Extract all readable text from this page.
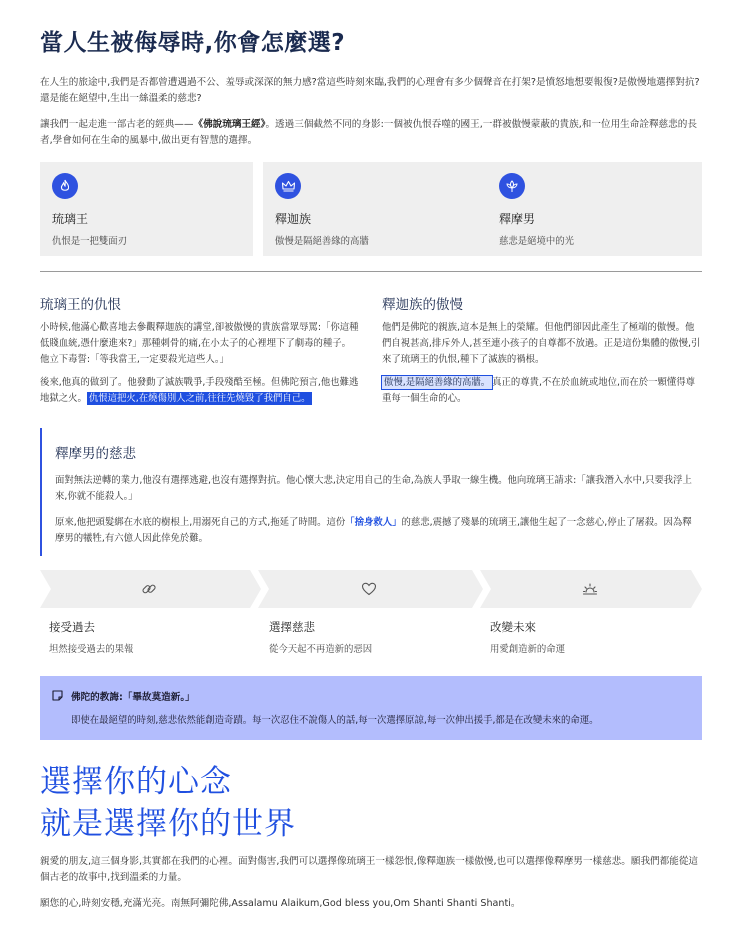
當人生被侮辱時,你會怎麼選?

在人生的旅途中,我們是否都曾遭遇過不公、羞辱或深深的無力感?當這些時刻來臨,我們的心理會有多少個聲音在打架?是憤怒地想要報復?是傲慢地選擇對抗?還是能在絕望中,生出一絲溫柔的慈悲?

讓我們一起走進一部古老的經典——《佛說琉璃王經》。透過三個截然不同的身影:一個被仇恨吞噬的國王,一群被傲慢蒙蔽的貴族,和一位用生命詮釋慈悲的長者,學會如何在生命的風暴中,做出更有智慧的選擇。

琉璃王
仇恨是一把雙面刃
釋迦族
傲慢是隔絕善緣的高牆
釋摩男
慈悲是絕境中的光
琉璃王的仇恨

小時候,他滿心歡喜地去參觀釋迦族的講堂,卻被傲慢的貴族當眾辱罵:「你這種低賤血統,憑什麼進來?」那種刺骨的痛,在小太子的心裡埋下了劇毒的種子。他立下毒誓:「等我當王,一定要殺光這些人。」

後來,他真的做到了。他發動了滅族戰爭,手段殘酷至極。但佛陀預言,他也難逃地獄之火。 仇恨這把火,在燒傷別人之前,往往先燒毀了我們自己。

釋迦族的傲慢

他們是佛陀的親族,這本是無上的榮耀。但他們卻因此產生了極端的傲慢。他們自視甚高,排斥外人,甚至連小孩子的自尊都不放過。正是這份集體的傲慢,引來了琉璃王的仇恨,種下了滅族的禍根。

傲慢,是隔絕善緣的高牆。 真正的尊貴,不在於血統或地位,而在於一顆懂得尊重每一個生命的心。

釋摩男的慈悲

面對無法逆轉的業力,他沒有選擇逃避,也沒有選擇對抗。他心懷大悲,決定用自己的生命,為族人爭取一線生機。他向琉璃王請求:「讓我潛入水中,只要我浮上來,你就不能殺人。」

原來,他把頭髮綁在水底的樹根上,用溺死自己的方式,拖延了時間。這份「捨身救人」的慈悲,震撼了殘暴的琉璃王,讓他生起了一念慈心,停止了屠殺。因為釋摩男的犧牲,有六億人因此倖免於難。

接受過去
坦然接受過去的果報
選擇慈悲
從今天起不再造新的惡因
改變未來
用愛創造新的命運
佛陀的教誨:「畢故莫造新。」
即使在最絕望的時刻,慈悲依然能創造奇蹟。每一次忍住不說傷人的話,每一次選擇原諒,每一次伸出援手,都是在改變未來的命運。
選擇你的心念
就是選擇你的世界

親愛的朋友,這三個身影,其實都在我們的心裡。面對傷害,我們可以選擇像琉璃王一樣怨恨,像釋迦族一樣傲慢,也可以選擇像釋摩男一樣慈悲。願我們都能從這個古老的故事中,找到溫柔的力量。

願您的心,時刻安穩,充滿光亮。南無阿彌陀佛,Assalamu Alaikum,God bless you,Om Shanti Shanti Shanti。
